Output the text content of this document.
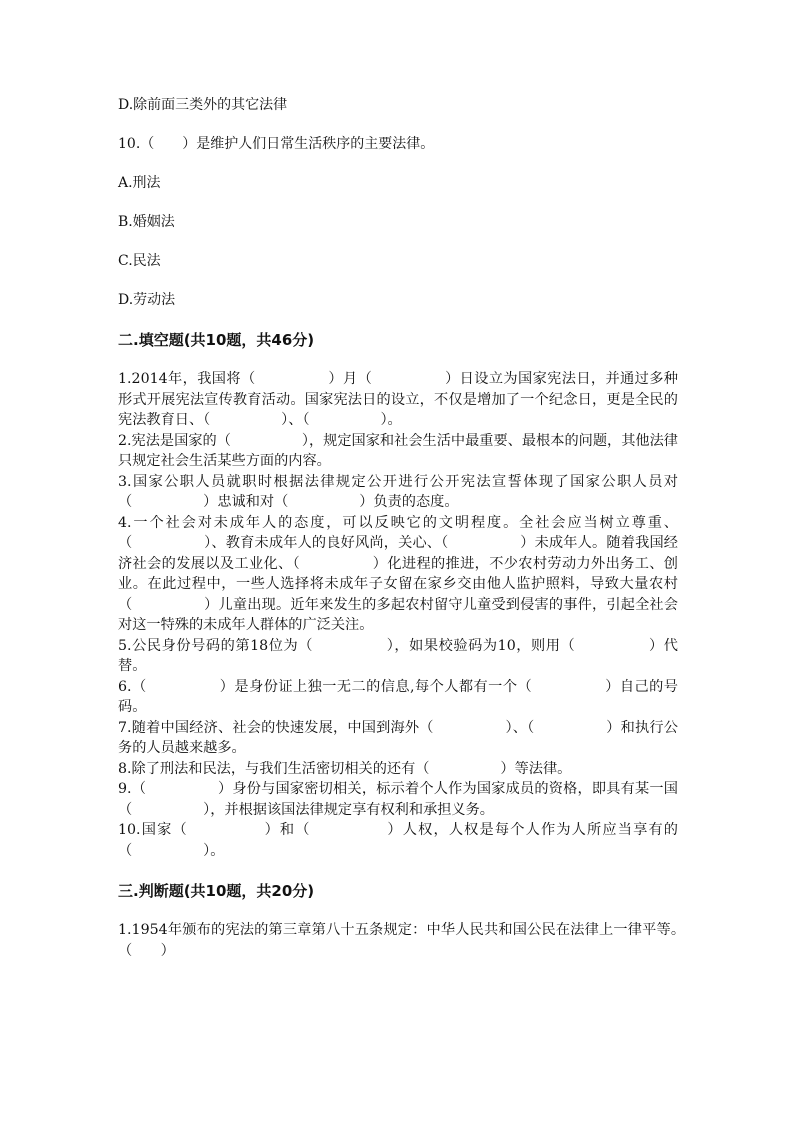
D.除前面三类外的其它法律

10.（　　）是维护人们日常生活秩序的主要法律。

A.刑法

B.婚姻法

C.民法

D.劳动法

二.填空题(共10题，共46分)

1.2014年，我国将（　　　　　）月（　　　　　）日设立为国家宪法日，并通过多种形式开展宪法宣传教育活动。国家宪法日的设立，不仅是增加了一个纪念日，更是全民的宪法教育日、（　　　　　）、（　　　　　）。

2.宪法是国家的（　　　　　），规定国家和社会生活中最重要、最根本的问题，其他法律只规定社会生活某些方面的内容。

3.国家公职人员就职时根据法律规定公开进行公开宪法宣誓体现了国家公职人员对（　　　　　）忠诚和对（　　　　　）负责的态度。

4.一个社会对未成年人的态度，可以反映它的文明程度。全社会应当树立尊重、（　　　　　）、教育未成年人的良好风尚，关心、（　　　　　）未成年人。随着我国经济社会的发展以及工业化、（　　　　　）化进程的推进，不少农村劳动力外出务工、创业。在此过程中，一些人选择将未成年子女留在家乡交由他人监护照料，导致大量农村（　　　　　）儿童出现。近年来发生的多起农村留守儿童受到侵害的事件，引起全社会对这一特殊的未成年人群体的广泛关注。

5.公民身份号码的第18位为（　　　　　），如果校验码为10，则用（　　　　　）代替。

6.（　　　　　）是身份证上独一无二的信息,每个人都有一个（　　　　　）自己的号码。

7.随着中国经济、社会的快速发展，中国到海外（　　　　　）、（　　　　　）和执行公务的人员越来越多。

8.除了刑法和民法，与我们生活密切相关的还有（　　　　　）等法律。

9.（　　　　　）身份与国家密切相关，标示着个人作为国家成员的资格，即具有某一国（　　　　　），并根据该国法律规定享有权利和承担义务。

10.国家（　　　　　）和（　　　　　）人权，人权是每个人作为人所应当享有的（　　　　　）。

三.判断题(共10题，共20分)

1.1954年颁布的宪法的第三章第八十五条规定：中华人民共和国公民在法律上一律平等。　　（　　）
